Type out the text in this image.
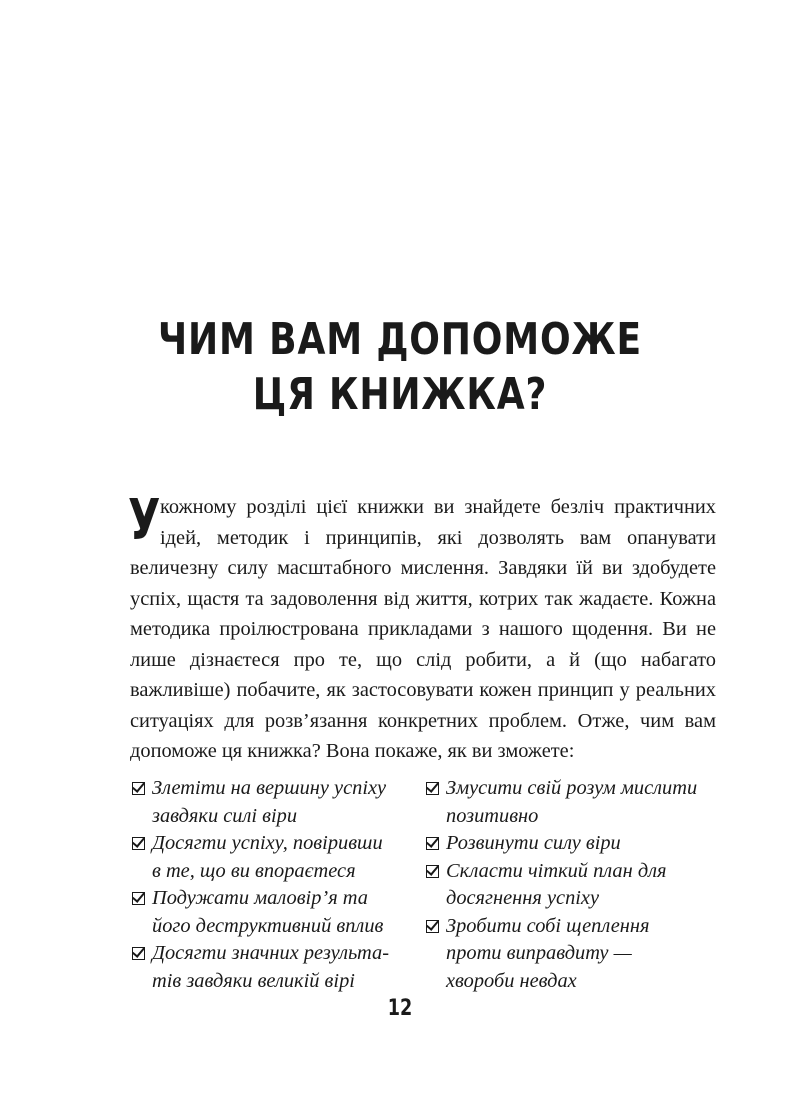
ЧИМ ВАМ ДОПОМОЖЕ
ЦЯ КНИЖКА?

У кожному розділі цієї книжки ви знайдете безліч практичних ідей, методик і принципів, які дозволять вам опанувати величезну силу масштабного мислення. Завдяки їй ви здобудете успіх, щастя та задоволення від життя, котрих так жадаєте. Кожна методика проілюстрована прикладами з нашого щодення. Ви не лише дізнаєтеся про те, що слід робити, а й (що набагато важливіше) побачите, як застосовувати кожен принцип у реальних ситуаціях для розв’язання конкретних проблем. Отже, чим вам допоможе ця книжка? Вона покаже, як ви зможете:

Злетіти на вершину успіху
завдяки силі віри
Досягти успіху, повіривши
в те, що ви впораєтеся
Подужати маловір’я та
його деструктивний вплив
Досягти значних результа-
тів завдяки великій вірі
Змусити свій розум мислити
позитивно
Розвинути силу віри
Скласти чіткий план для
досягнення успіху
Зробити собі щеплення
проти виправдиту —
хвороби невдах
12
